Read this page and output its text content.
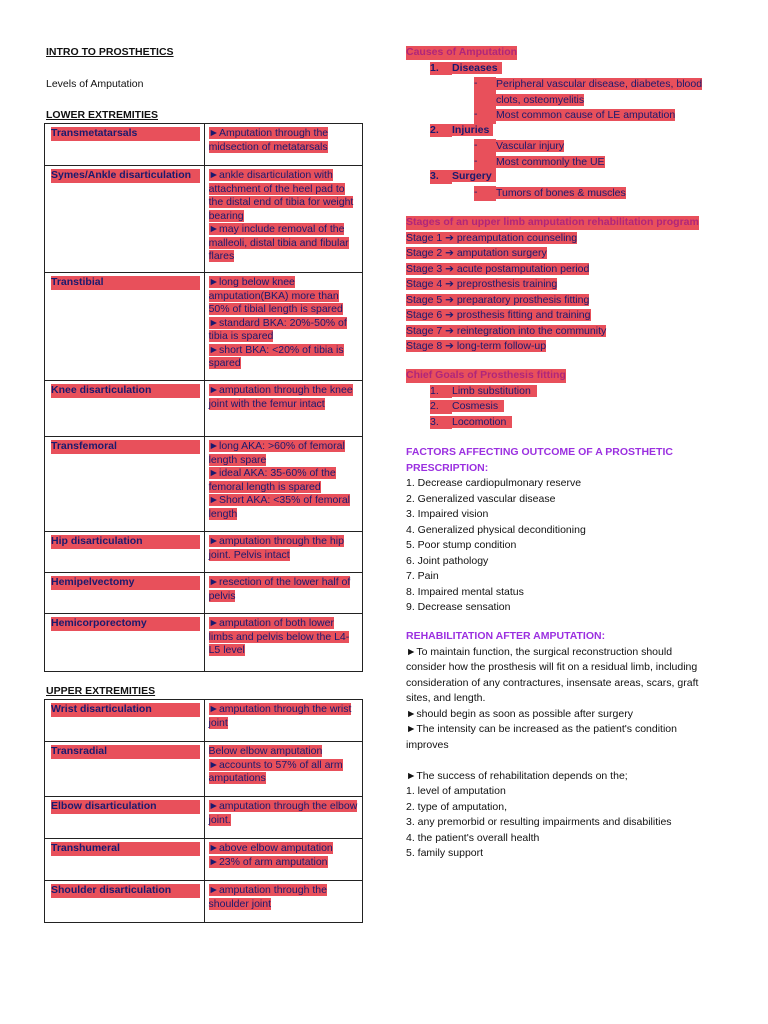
INTRO TO PROSTHETICS
Levels of Amputation
LOWER EXTREMITIES
Transmetatarsals	►Amputation through the midsection of metatarsals

Symes/Ankle disarticulation	►ankle disarticulation with attachment of the heel pad to the distal end of tibia for weight bearing
►may include removal of the malleoli, distal tibia and fibular flares

Transtibial	►long below knee amputation(BKA) more than 50% of tibial length is spared
►standard BKA: 20%-50% of tibia is spared
►short BKA: <20% of tibia is spared

Knee disarticulation	►amputation through the knee joint with the femur intact

Transfemoral	►long AKA: >60% of femoral length spare
►ideal AKA: 35-60% of the femoral length is spared
►Short AKA: <35% of femoral length

Hip disarticulation	►amputation through the hip joint. Pelvis intact

Hemipelvectomy	►resection of the lower half of pelvis

Hemicorporectomy	►amputation of both lower limbs and pelvis below the L4-L5 level
UPPER EXTREMITIES
Wrist disarticulation	►amputation through the wrist joint

Transradial	Below elbow amputation
►accounts to 57% of all arm amputations

Elbow disarticulation	►amputation through the elbow joint.

Transhumeral	►above elbow amputation
►23% of arm amputation

Shoulder disarticulation	►amputation through the shoulder joint
Causes of Amputation
1. Diseases
-	Peripheral vascular disease, diabetes, blood clots, osteomyelitis
-	Most common cause of LE amputation
2. Injuries
-	Vascular injury
-	Most commonly the UE
3. Surgery
-	Tumors of bones & muscles
Stages of an upper limb amputation rehabilitation program
Stage 1 ➔ preamputation counseling
Stage 2 ➔ amputation surgery
Stage 3 ➔ acute postamputation period
Stage 4 ➔ preprosthesis training
Stage 5 ➔ preparatory prosthesis fitting
Stage 6 ➔ prosthesis fitting and training
Stage 7 ➔ reintegration into the community
Stage 8 ➔ long-term follow-up
Chief Goals of Prosthesis fitting
1. Limb substitution
2. Cosmesis
3. Locomotion
FACTORS AFFECTING OUTCOME OF A PROSTHETIC
PRESCRIPTION:
1. Decrease cardiopulmonary reserve
2. Generalized vascular disease
3. Impaired vision
4. Generalized physical deconditioning
5. Poor stump condition
6. Joint pathology
7. Pain
8. Impaired mental status
9. Decrease sensation
REHABILITATION AFTER AMPUTATION:
►To maintain function, the surgical reconstruction should
consider how the prosthesis will fit on a residual limb, including
consideration of any contractures, insensate areas, scars, graft
sites, and length.
►should begin as soon as possible after surgery
►The intensity can be increased as the patient's condition
improves
►The success of rehabilitation depends on the;
1. level of amputation
2. type of amputation,
3. any premorbid or resulting impairments and disabilities
4. the patient's overall health
5. family support
